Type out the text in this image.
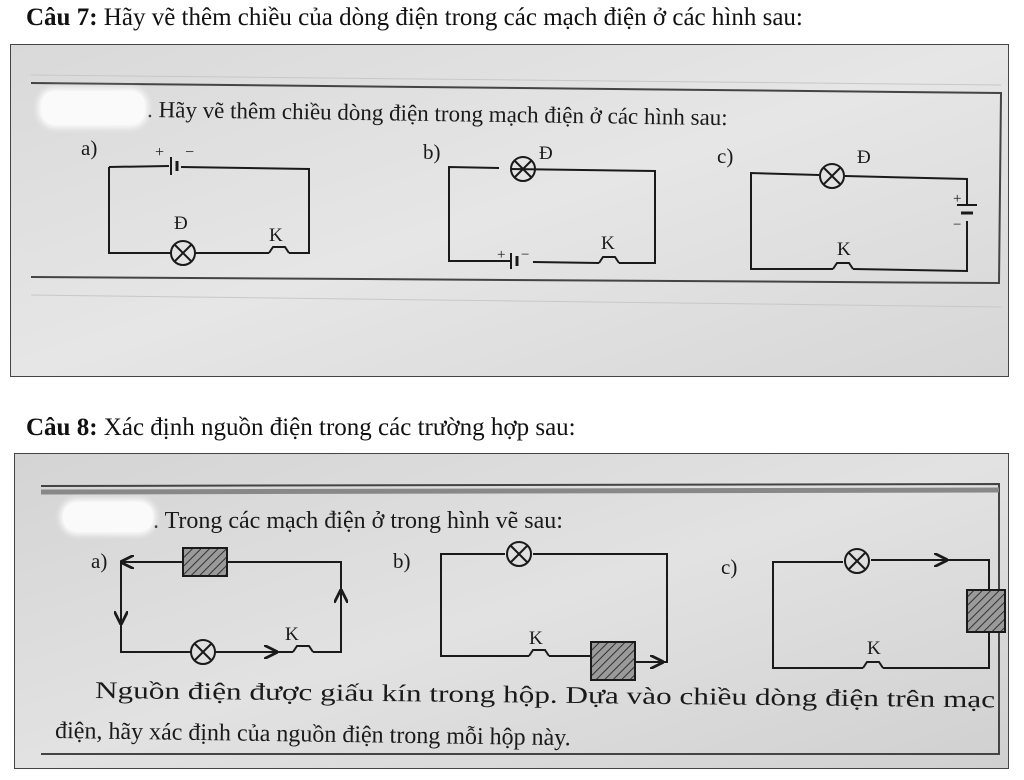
Câu 7: Hãy vẽ thêm chiều của dòng điện trong các mạch điện ở các hình sau:
. Hãy vẽ thêm chiều dòng điện trong mạch điện ở các hình sau:
a)	+ −
Đ
K
b)	Đ
+ −
K
c)	Đ
+
−
K
Câu 8: Xác định nguồn điện trong các trường hợp sau:
. Trong các mạch điện ở trong hình vẽ sau:
a)
K
b)
K
c)
K
Nguồn điện được giấu kín trong hộp. Dựa vào chiều dòng điện trên mạc
điện, hãy xác định của nguồn điện trong mỗi hộp này.
